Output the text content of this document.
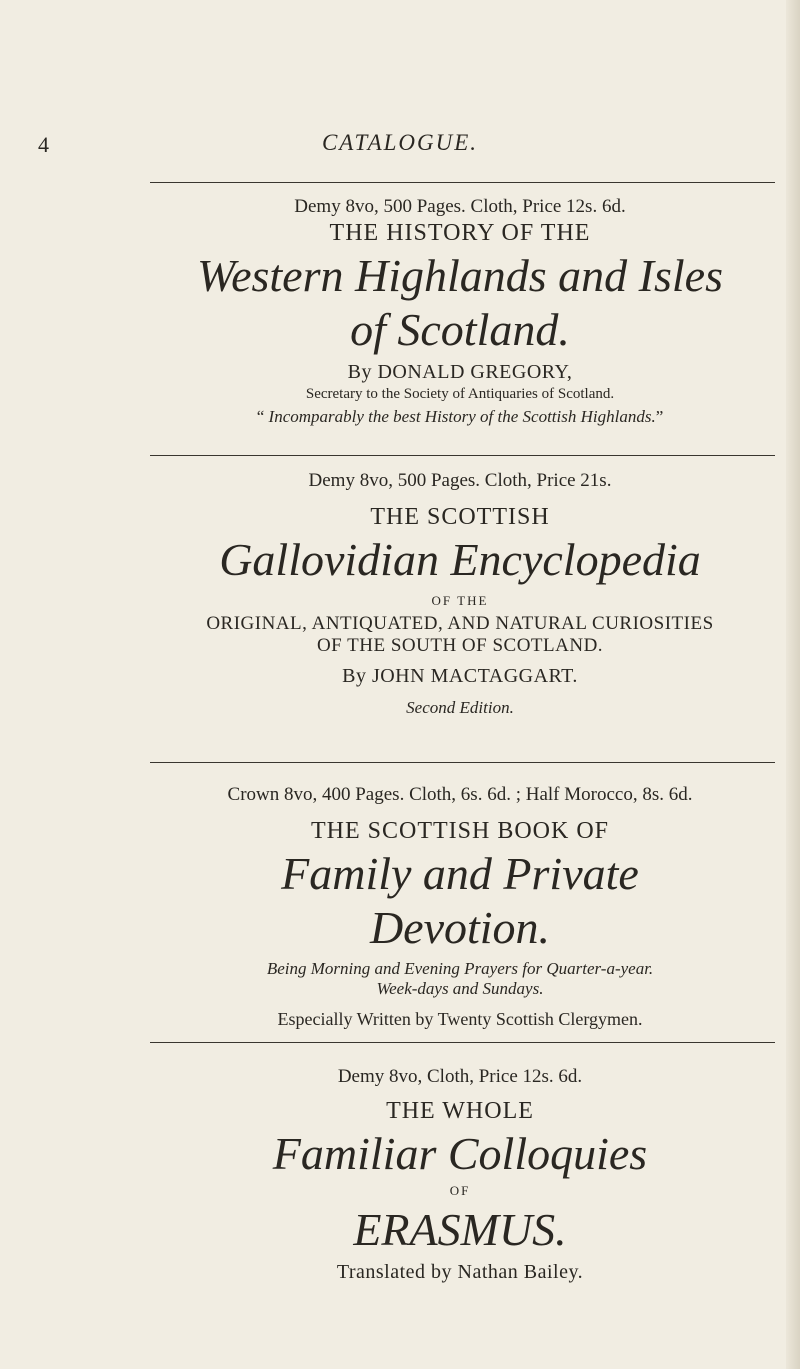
4	CATALOGUE.
Demy 8vo, 500 Pages. Cloth, Price 12s. 6d.
THE HISTORY OF THE
Western Highlands and Isles
of Scotland.
By DONALD GREGORY,
Secretary to the Society of Antiquaries of Scotland.
“ Incomparably the best History of the Scottish Highlands.”
Demy 8vo, 500 Pages. Cloth, Price 21s.
THE SCOTTISH
Gallovidian Encyclopedia
OF THE
ORIGINAL, ANTIQUATED, AND NATURAL CURIOSITIES
OF THE SOUTH OF SCOTLAND.
By JOHN MACTAGGART.
Second Edition.
Crown 8vo, 400 Pages. Cloth, 6s. 6d. ; Half Morocco, 8s. 6d.
THE SCOTTISH BOOK OF
Family and Private
Devotion.
Being Morning and Evening Prayers for Quarter-a-year.
Week-days and Sundays.
Especially Written by Twenty Scottish Clergymen.
Demy 8vo, Cloth, Price 12s. 6d.
THE WHOLE
Familiar Colloquies
OF
ERASMUS.
Translated by Nathan Bailey.
